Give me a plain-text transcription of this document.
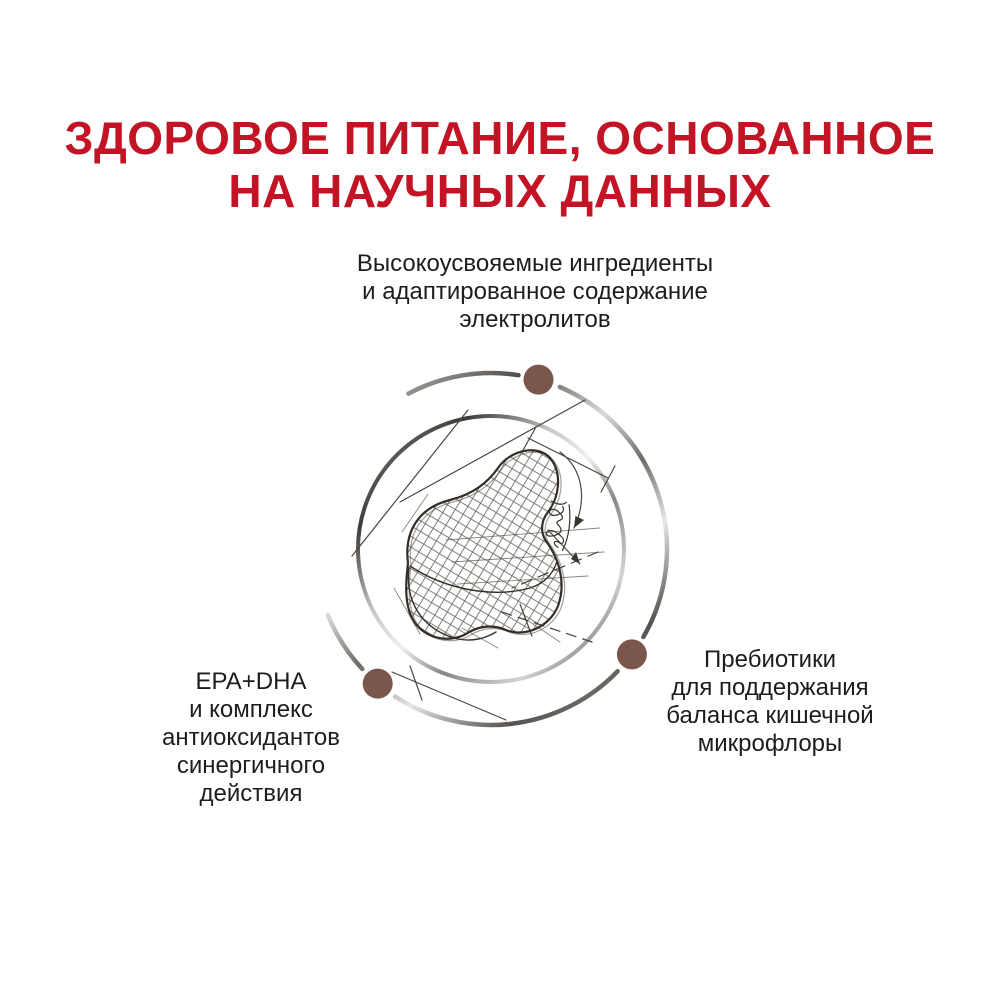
ЗДОРОВОЕ ПИТАНИЕ, ОСНОВАННОЕ
НА НАУЧНЫХ ДАННЫХ
Высокоусвояемые ингредиенты
и адаптированное содержание
электролитов
EPA+DHA
и комплекс
антиоксидантов
синергичного
действия
Пребиотики
для поддержания
баланса кишечной
микрофлоры
